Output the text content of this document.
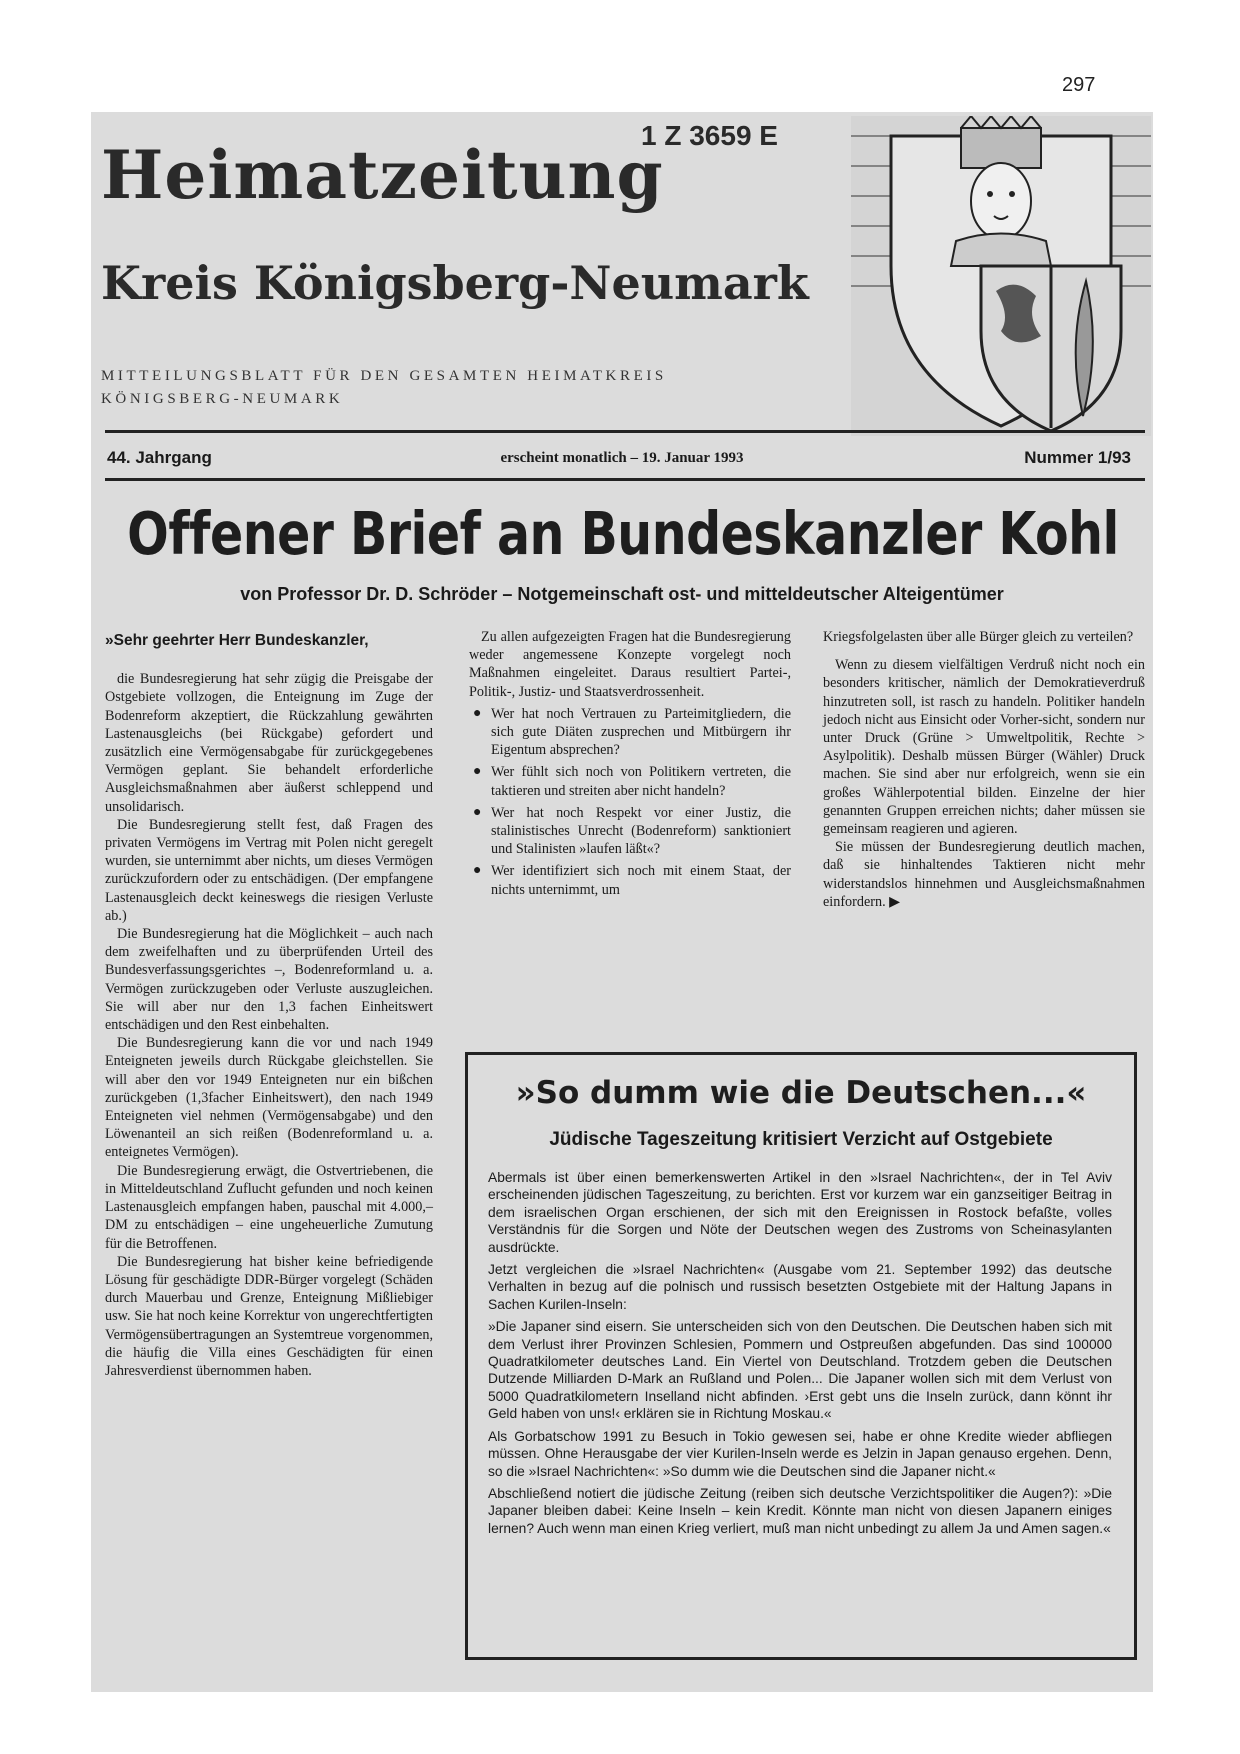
297
1 Z 3659 E
Heimatzeitung
Kreis Königsberg-Neumark
MITTEILUNGSBLATT FÜR DEN GESAMTEN HEIMATKREIS
KÖNIGSBERG-NEUMARK
44. Jahrgang	erscheint monatlich – 19. Januar 1993	Nummer 1/93
Offener Brief an Bundeskanzler Kohl
von Professor Dr. D. Schröder – Notgemeinschaft ost- und mitteldeutscher Alteigentümer

»Sehr geehrter Herr Bundeskanzler,

die Bundesregierung hat sehr zügig die Preisgabe der Ostgebiete vollzogen, die Enteignung im Zuge der Bodenreform akzeptiert, die Rückzahlung gewährten Lastenausgleichs (bei Rückgabe) gefordert und zusätzlich eine Vermögensabgabe für zurückgegebenes Vermögen geplant. Sie behandelt erforderliche Ausgleichsmaßnahmen aber äußerst schleppend und unsolidarisch.

Die Bundesregierung stellt fest, daß Fragen des privaten Vermögens im Vertrag mit Polen nicht geregelt wurden, sie unternimmt aber nichts, um dieses Vermögen zurückzufordern oder zu entschädigen. (Der empfangene Lastenausgleich deckt keineswegs die riesigen Verluste ab.)

Die Bundesregierung hat die Möglichkeit – auch nach dem zweifelhaften und zu überprüfenden Urteil des Bundesverfassungsgerichtes –, Bodenreformland u. a. Vermögen zurückzugeben oder Verluste auszugleichen. Sie will aber nur den 1,3 fachen Einheitswert entschädigen und den Rest einbehalten.

Die Bundesregierung kann die vor und nach 1949 Enteigneten jeweils durch Rückgabe gleichstellen. Sie will aber den vor 1949 Enteigneten nur ein bißchen zurückgeben (1,3facher Einheitswert), den nach 1949 Enteigneten viel nehmen (Vermögensabgabe) und den Löwenanteil an sich reißen (Bodenreformland u. a. enteignetes Vermögen).

Die Bundesregierung erwägt, die Ostvertriebenen, die in Mitteldeutschland Zuflucht gefunden und noch keinen Lastenausgleich empfangen haben, pauschal mit 4.000,– DM zu entschädigen – eine ungeheuerliche Zumutung für die Betroffenen.

Die Bundesregierung hat bisher keine befriedigende Lösung für geschädigte DDR-Bürger vorgelegt (Schäden durch Mauerbau und Grenze, Enteignung Mißliebiger usw. Sie hat noch keine Korrektur von ungerechtfertigten Vermögensübertragungen an Systemtreue vorgenommen, die häufig die Villa eines Geschädigten für einen Jahresverdienst übernommen haben.

Zu allen aufgezeigten Fragen hat die Bundesregierung weder angemessene Konzepte vorgelegt noch Maßnahmen eingeleitet. Daraus resultiert Partei-, Politik-, Justiz- und Staatsverdrossenheit.

● Wer hat noch Vertrauen zu Parteimitgliedern, die sich gute Diäten zusprechen und Mitbürgern ihr Eigentum absprechen?
● Wer fühlt sich noch von Politikern vertreten, die taktieren und streiten aber nicht handeln?
● Wer hat noch Respekt vor einer Justiz, die stalinistisches Unrecht (Bodenreform) sanktioniert und Stalinisten »laufen läßt«?
● Wer identifiziert sich noch mit einem Staat, der nichts unternimmt, um

Kriegsfolgelasten über alle Bürger gleich zu verteilen?

Wenn zu diesem vielfältigen Verdruß nicht noch ein besonders kritischer, nämlich der Demokratieverdruß hinzutreten soll, ist rasch zu handeln. Politiker handeln jedoch nicht aus Einsicht oder Vorher-sicht, sondern nur unter Druck (Grüne > Umweltpolitik, Rechte > Asylpolitik). Deshalb müssen Bürger (Wähler) Druck machen. Sie sind aber nur erfolgreich, wenn sie ein großes Wählerpotential bilden. Einzelne der hier genannten Gruppen erreichen nichts; daher müssen sie gemeinsam reagieren und agieren.

Sie müssen der Bundesregierung deutlich machen, daß sie hinhaltendes Taktieren nicht mehr widerstandslos hinnehmen und Ausgleichsmaßnahmen einfordern. ▶

»So dumm wie die Deutschen...«
Jüdische Tageszeitung kritisiert Verzicht auf Ostgebiete

Abermals ist über einen bemerkenswerten Artikel in den »Israel Nachrichten«, der in Tel Aviv erscheinenden jüdischen Tageszeitung, zu berichten. Erst vor kurzem war ein ganzseitiger Beitrag in dem israelischen Organ erschienen, der sich mit den Ereignissen in Rostock befaßte, volles Verständnis für die Sorgen und Nöte der Deutschen wegen des Zustroms von Scheinasylanten ausdrückte.

Jetzt vergleichen die »Israel Nachrichten« (Ausgabe vom 21. September 1992) das deutsche Verhalten in bezug auf die polnisch und russisch besetzten Ostgebiete mit der Haltung Japans in Sachen Kurilen-Inseln:

»Die Japaner sind eisern. Sie unterscheiden sich von den Deutschen. Die Deutschen haben sich mit dem Verlust ihrer Provinzen Schlesien, Pommern und Ostpreußen abgefunden. Das sind 100000 Quadratkilometer deutsches Land. Ein Viertel von Deutschland. Trotzdem geben die Deutschen Dutzende Milliarden D-Mark an Rußland und Polen... Die Japaner wollen sich mit dem Verlust von 5000 Quadratkilometern Inselland nicht abfinden. ›Erst gebt uns die Inseln zurück, dann könnt ihr Geld haben von uns!‹ erklären sie in Richtung Moskau.«

Als Gorbatschow 1991 zu Besuch in Tokio gewesen sei, habe er ohne Kredite wieder abfliegen müssen. Ohne Herausgabe der vier Kurilen-Inseln werde es Jelzin in Japan genauso ergehen. Denn, so die »Israel Nachrichten«: »So dumm wie die Deutschen sind die Japaner nicht.«

Abschließend notiert die jüdische Zeitung (reiben sich deutsche Verzichtspolitiker die Augen?): »Die Japaner bleiben dabei: Keine Inseln – kein Kredit. Könnte man nicht von diesen Japanern einiges lernen? Auch wenn man einen Krieg verliert, muß man nicht unbedingt zu allem Ja und Amen sagen.«
